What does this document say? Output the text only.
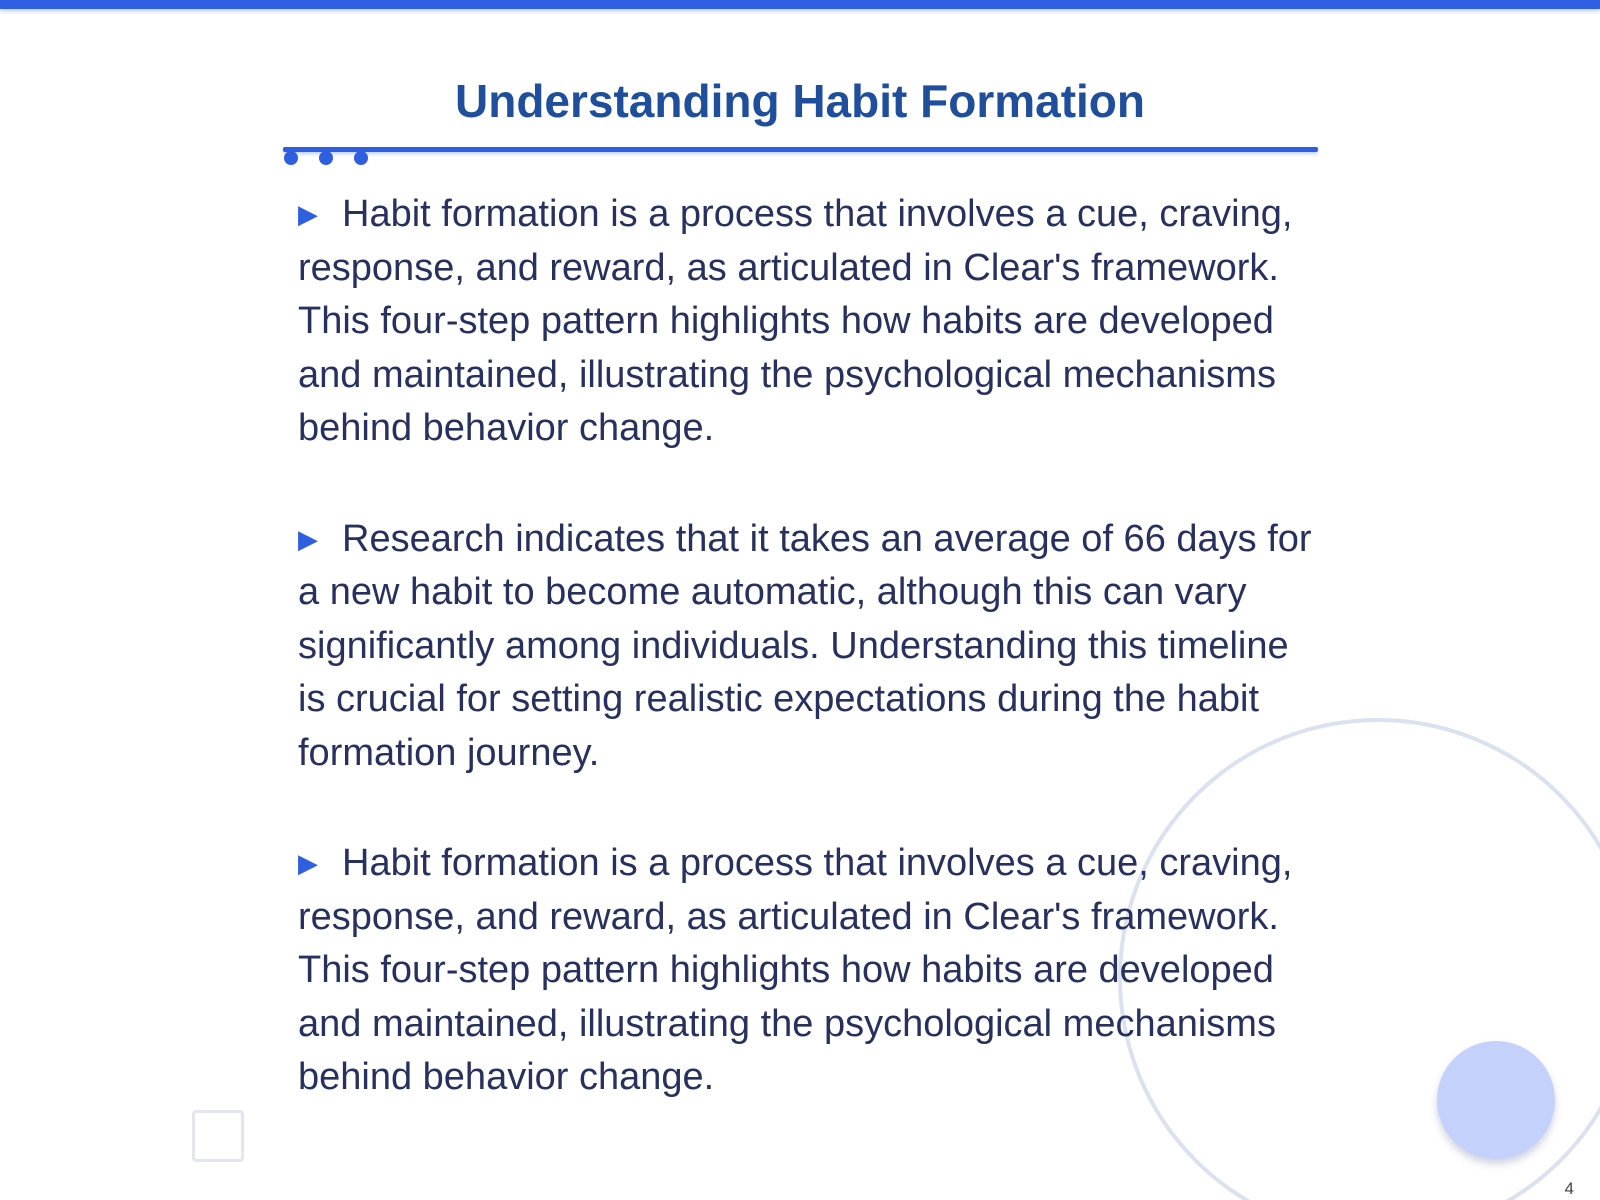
Understanding Habit Formation

▶ Habit formation is a process that involves a cue, craving, response, and reward, as articulated in Clear's framework. This four-step pattern highlights how habits are developed and maintained, illustrating the psychological mechanisms behind behavior change.

▶ Research indicates that it takes an average of 66 days for a new habit to become automatic, although this can vary significantly among individuals. Understanding this timeline is crucial for setting realistic expectations during the habit formation journey.

▶ Habit formation is a process that involves a cue, craving, response, and reward, as articulated in Clear's framework. This four-step pattern highlights how habits are developed and maintained, illustrating the psychological mechanisms behind behavior change.

4
